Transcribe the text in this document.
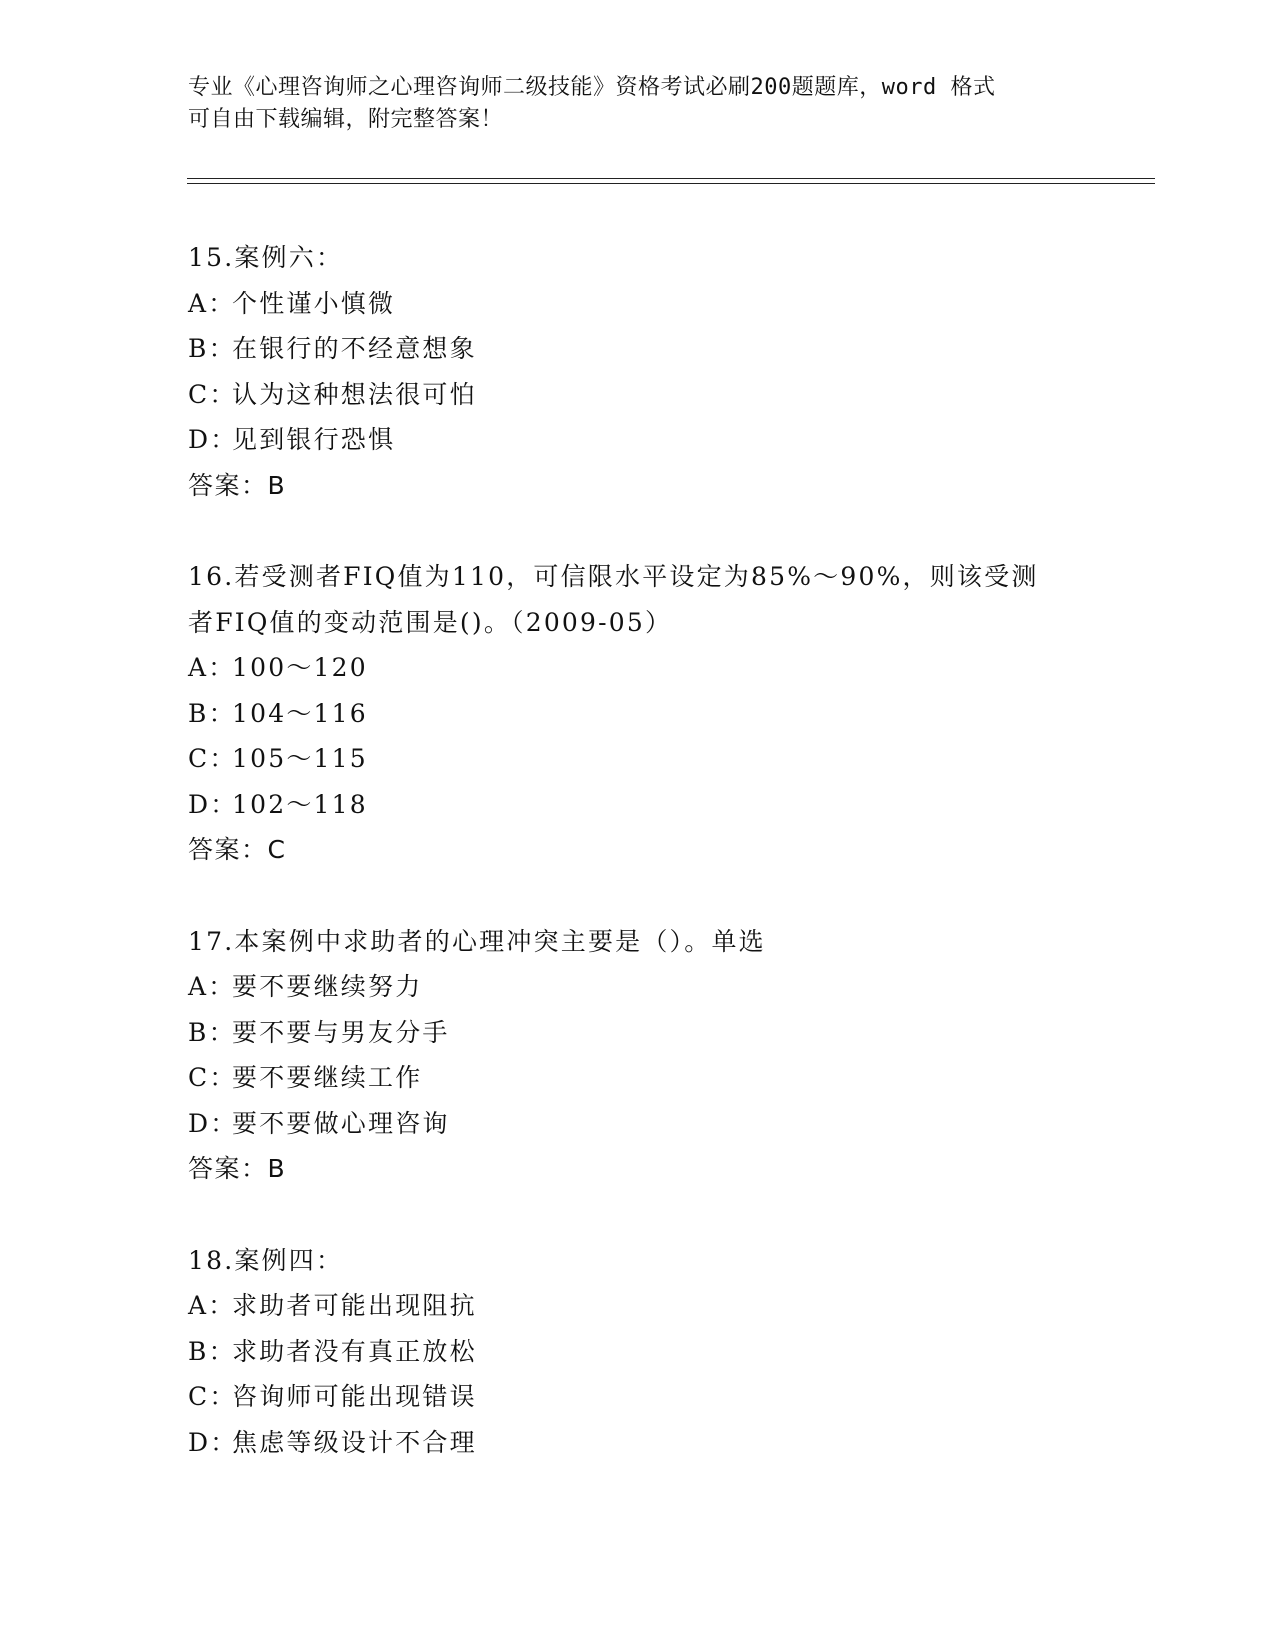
专业《心理咨询师之心理咨询师二级技能》资格考试必刷200题题库，word 格式
可自由下载编辑，附完整答案！

15.案例六：

A：个性谨小慎微
B：在银行的不经意想象
C：认为这种想法很可怕
D：见到银行恐惧
答案：B

16.若受测者FIQ值为110，可信限水平设定为85%～90%，则该受测者FIQ值的变动范围是()。（2009-05）

A：100～120
B：104～116
C：105～115
D：102～118
答案：C

17.本案例中求助者的心理冲突主要是（）。单选

A：要不要继续努力
B：要不要与男友分手
C：要不要继续工作
D：要不要做心理咨询
答案：B

18.案例四：

A：求助者可能出现阻抗
B：求助者没有真正放松
C：咨询师可能出现错误
D：焦虑等级设计不合理
